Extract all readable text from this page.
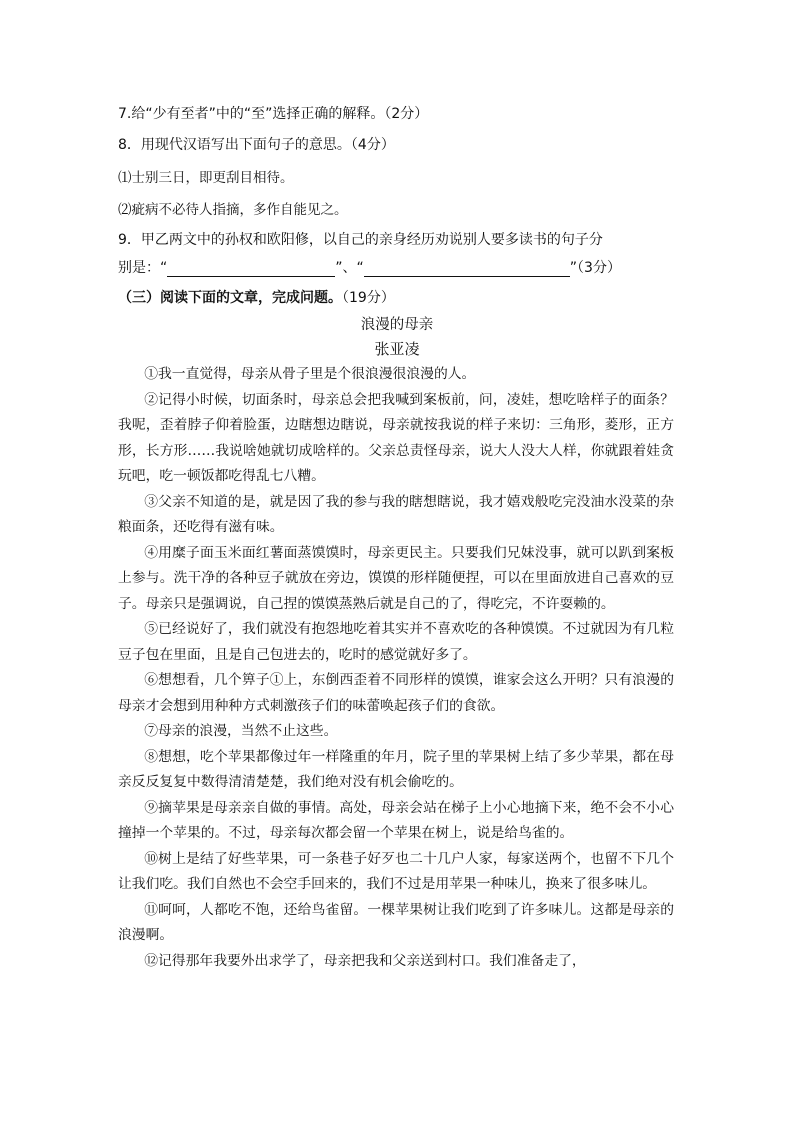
7.给“少有至者”中的“至”选择正确的解释。（2分）
8．用现代汉语写出下面句子的意思。（4分）
⑴士别三日，即更刮目相待。
⑵疵病不必待人指摘，多作自能见之。
9．甲乙两文中的孙权和欧阳修，以自己的亲身经历劝说别人要多读书的句子分
别是：“	”、“	”（3分）
（三）阅读下面的文章，完成问题。（19分）
浪漫的母亲
张亚凌

①我一直觉得，母亲从骨子里是个很浪漫很浪漫的人。

②记得小时候，切面条时，母亲总会把我喊到案板前，问，凌娃，想吃啥样子的面条？我呢，歪着脖子仰着脸蛋，边瞎想边瞎说，母亲就按我说的样子来切：三角形，菱形，正方形，长方形……我说啥她就切成啥样的。父亲总责怪母亲，说大人没大人样，你就跟着娃贪玩吧，吃一顿饭都吃得乱七八糟。

③父亲不知道的是，就是因了我的参与我的瞎想瞎说，我才嬉戏般吃完没油水没菜的杂粮面条，还吃得有滋有味。

④用糜子面玉米面红薯面蒸馍馍时，母亲更民主。只要我们兄妹没事，就可以趴到案板上参与。洗干净的各种豆子就放在旁边，馍馍的形样随便捏，可以在里面放进自己喜欢的豆子。母亲只是强调说，自己捏的馍馍蒸熟后就是自己的了，得吃完，不许耍赖的。

⑤已经说好了，我们就没有抱怨地吃着其实并不喜欢吃的各种馍馍。不过就因为有几粒豆子包在里面，且是自己包进去的，吃时的感觉就好多了。

⑥想想看，几个箅子①上，东倒西歪着不同形样的馍馍，谁家会这么开明？只有浪漫的母亲才会想到用种种方式刺激孩子们的味蕾唤起孩子们的食欲。

⑦母亲的浪漫，当然不止这些。

⑧想想，吃个苹果都像过年一样隆重的年月，院子里的苹果树上结了多少苹果，都在母亲反反复复中数得清清楚楚，我们绝对没有机会偷吃的。

⑨摘苹果是母亲亲自做的事情。高处，母亲会站在梯子上小心地摘下来，绝不会不小心撞掉一个苹果的。不过，母亲每次都会留一个苹果在树上，说是给鸟雀的。

⑩树上是结了好些苹果，可一条巷子好歹也二十几户人家，每家送两个，也留不下几个让我们吃。我们自然也不会空手回来的，我们不过是用苹果一种味儿，换来了很多味儿。

⑪呵呵，人都吃不饱，还给鸟雀留。一棵苹果树让我们吃到了许多味儿。这都是母亲的浪漫啊。

⑫记得那年我要外出求学了，母亲把我和父亲送到村口。我们准备走了，
